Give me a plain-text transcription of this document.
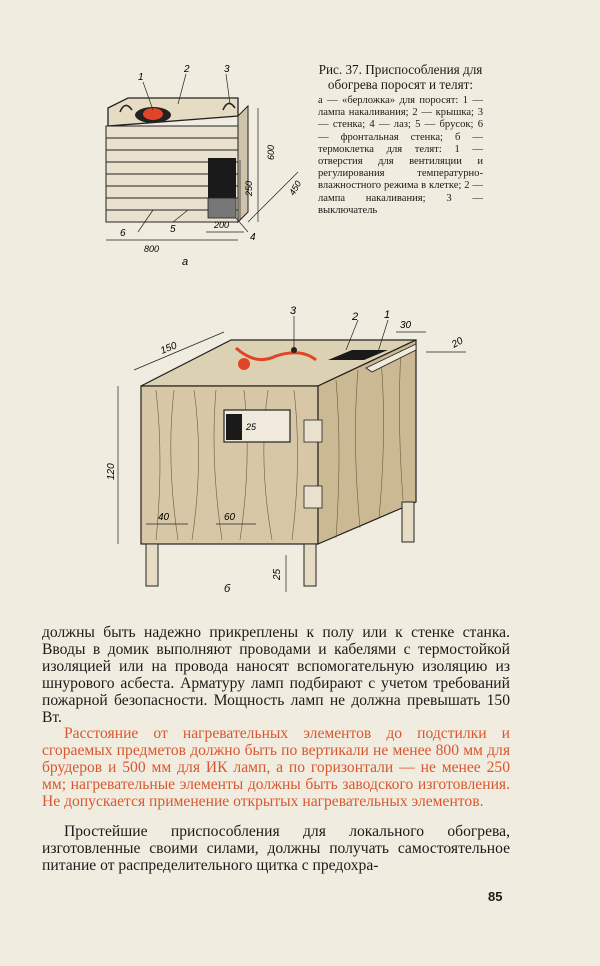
1
2	3
4
5
6
600
250	450
200
800
а
Рис. 37. Приспособления для обогрева поросят и телят:

а — «берложка» для поросят: 1 — лампа накаливания; 2 — крышка; 3 — стенка; 4 — лаз; 5 — брусок; 6 — фронтальная стенка; б — термоклетка для телят: 1 — отверстия для вентиляции и регулирования температурно-влажностного режима в клетке; 2 — лампа накаливания; 3 — выключатель

3	2 1
150
30
20
120
25
40	60
25
б

должны быть надежно прикреплены к полу или к стенке станка. Вводы в домик выполняют проводами и кабелями с термостойкой изоляцией или на провода наносят вспомогательную изоляцию из шнурового асбеста. Арматуру ламп подбирают с учетом требований пожарной безопасности. Мощность ламп не должна превышать 150 Вт.

Расстояние от нагревательных элементов до подстилки и сгораемых предметов должно быть по вертикали не менее 800 мм для брудеров и 500 мм для ИК ламп, а по горизонтали — не менее 250 мм; нагревательные элементы должны быть заводского изготовления. Не допускается применение открытых нагревательных элементов.

Простейшие приспособления для локального обогрева, изготовленные своими силами, должны получать самостоятельное питание от распределительного щитка с предохра-

85
